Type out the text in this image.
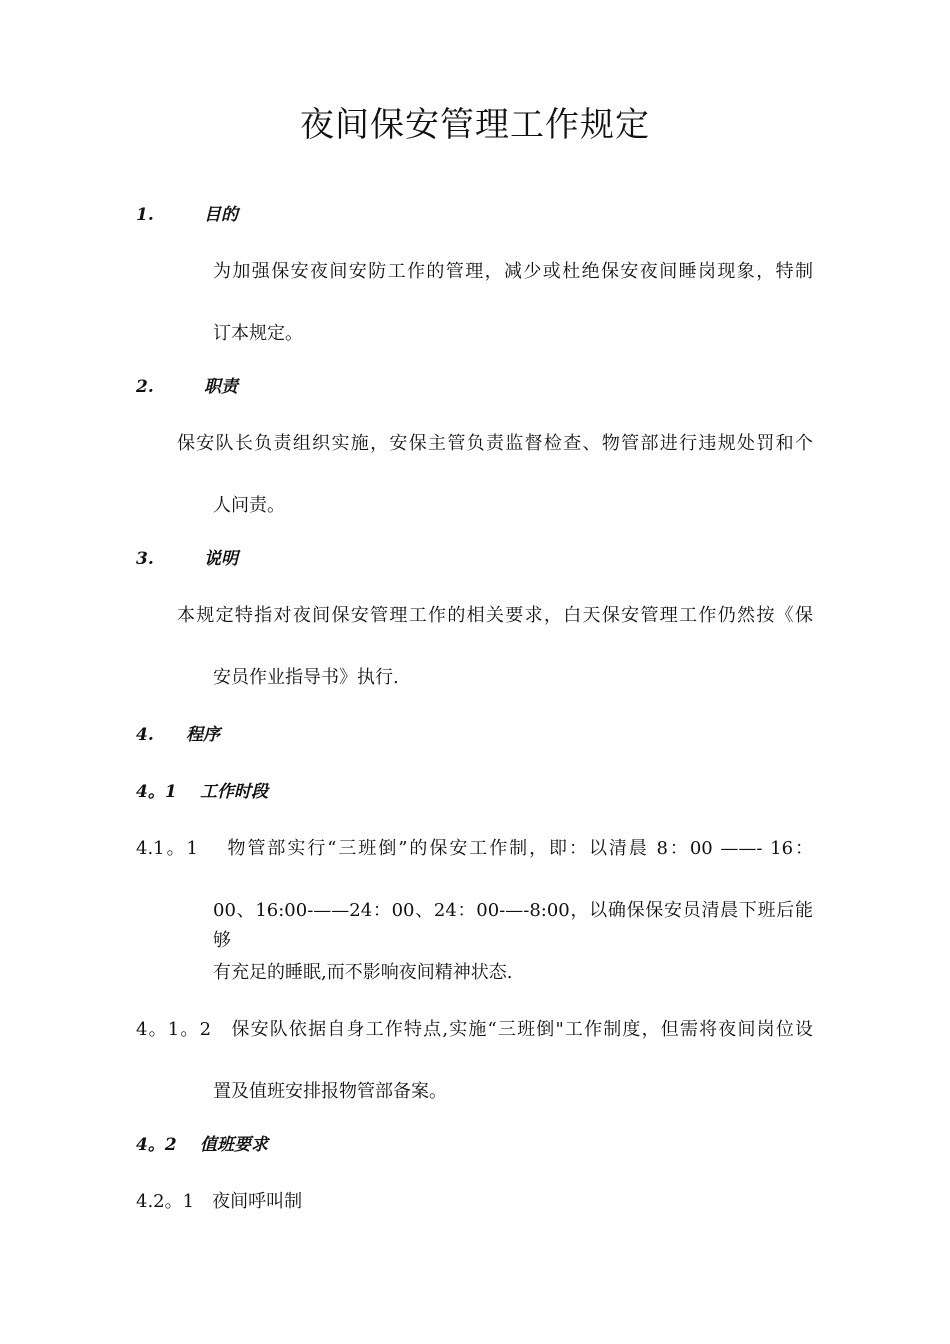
夜间保安管理工作规定
1.	目的
为加强保安夜间安防工作的管理，减少或杜绝保安夜间睡岗现象，特制
订本规定。
2.	职责
保安队长负责组织实施，安保主管负责监督检查、物管部进行违规处罚和个
人问责。
3.	说明
本规定特指对夜间保安管理工作的相关要求，白天保安管理工作仍然按《保
安员作业指导书》执行.
4. 程序
4。1 工作时段
4.1。1　 物管部实行“三班倒”的保安工作制，即：以清晨 8：00 ——- 16：
00、16:00-——24：00、24：00-—-8:00，以确保保安员清晨下班后能够
有充足的睡眠,而不影响夜间精神状态.
4。1。2　保安队依据自身工作特点,实施“三班倒"工作制度，但需将夜间岗位设
置及值班安排报物管部备案。
4。2 值班要求
4.2。1　夜间呼叫制
